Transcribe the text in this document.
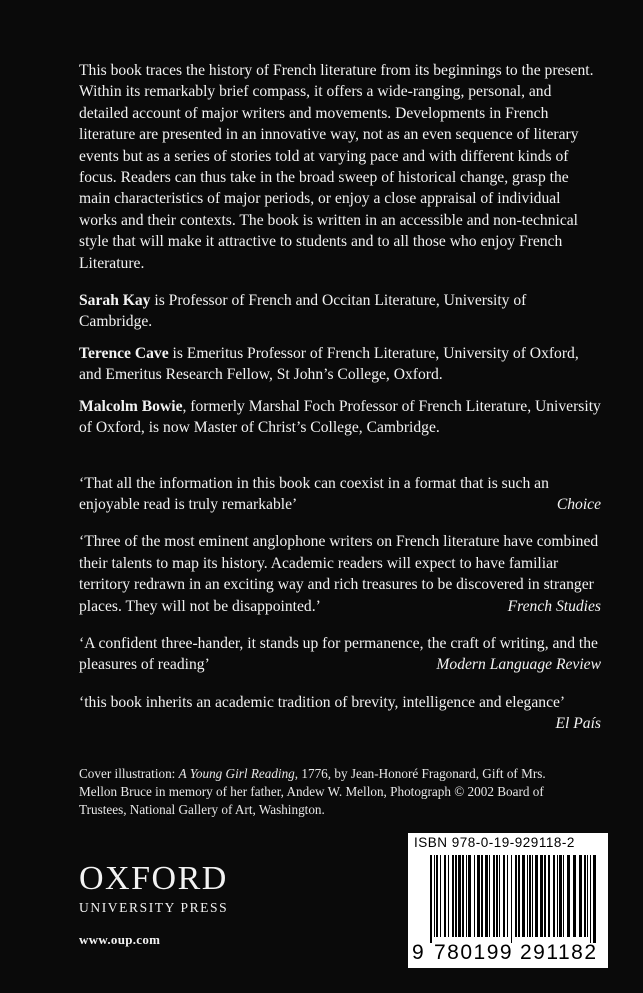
This book traces the history of French literature from its beginnings to the present. Within its remarkably brief compass, it offers a wide-ranging, personal, and detailed account of major writers and movements. Developments in French literature are presented in an innovative way, not as an even sequence of literary events but as a series of stories told at varying pace and with different kinds of focus. Readers can thus take in the broad sweep of historical change, grasp the main characteristics of major periods, or enjoy a close appraisal of individual works and their contexts. The book is written in an accessible and non-technical style that will make it attractive to students and to all those who enjoy French Literature.

Sarah Kay is Professor of French and Occitan Literature, University of Cambridge.

Terence Cave is Emeritus Professor of French Literature, University of Oxford, and Emeritus Research Fellow, St John’s College, Oxford.

Malcolm Bowie, formerly Marshal Foch Professor of French Literature, University of Oxford, is now Master of Christ’s College, Cambridge.

‘That all the information in this book can coexist in a format that is such an enjoyable read is truly remarkable’	Choice

‘Three of the most eminent anglophone writers on French literature have combined their talents to map its history. Academic readers will expect to have familiar territory redrawn in an exciting way and rich treasures to be discovered in stranger places. They will not be disappointed.’	French Studies

‘A confident three-hander, it stands up for permanence, the craft of writing, and the pleasures of reading’	Modern Language Review

‘this book inherits an academic tradition of brevity, intelligence and elegance’
El País

Cover illustration: A Young Girl Reading, 1776, by Jean-Honoré Fragonard, Gift of Mrs. Mellon Bruce in memory of her father, Andew W. Mellon, Photograph © 2002 Board of Trustees, National Gallery of Art, Washington.

OXFORD
UNIVERSITY PRESS
www.oup.com
ISBN 978-0-19-929118-2
9 780199 291182
